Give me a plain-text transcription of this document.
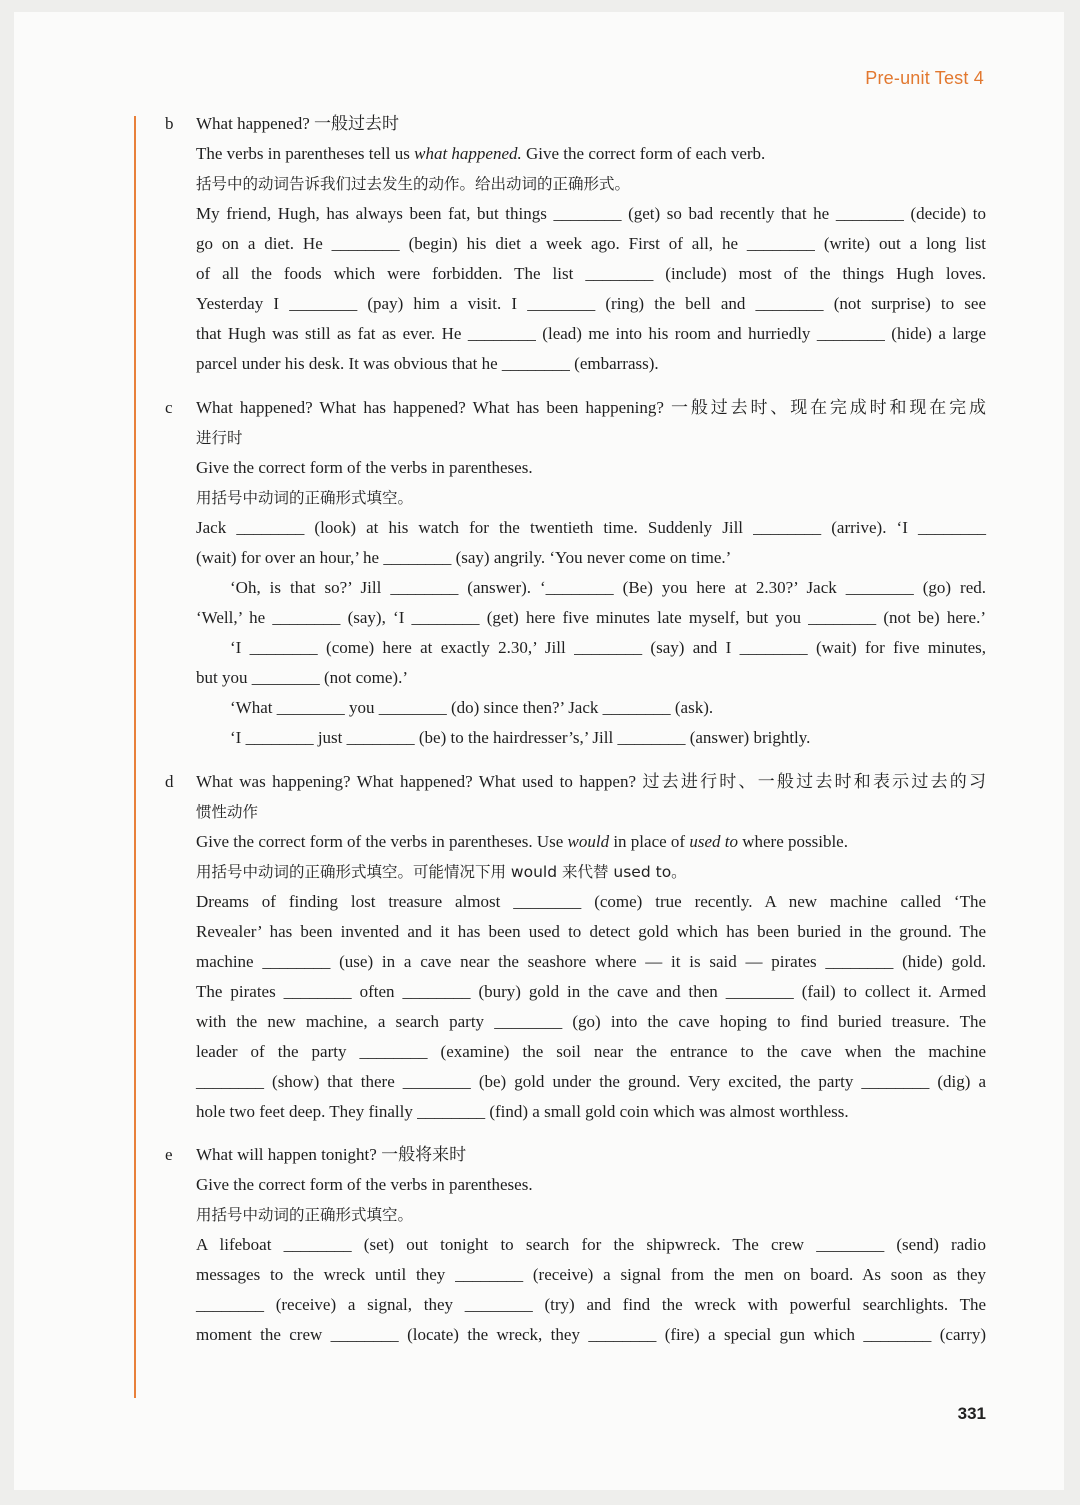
Pre-unit Test 4
b What happened? 一般过去时
The verbs in parentheses tell us what happened. Give the correct form of each verb.
括号中的动词告诉我们过去发生的动作。给出动词的正确形式。
My friend, Hugh, has always been fat, but things ________ (get) so bad recently that he ________ (decide) to
go on a diet. He ________ (begin) his diet a week ago. First of all, he ________ (write) out a long list
of all the foods which were forbidden. The list ________ (include) most of the things Hugh loves.
Yesterday I ________ (pay) him a visit. I ________ (ring) the bell and ________ (not surprise) to see
that Hugh was still as fat as ever. He ________ (lead) me into his room and hurriedly ________ (hide) a large
parcel under his desk. It was obvious that he ________ (embarrass).
c What happened? What has happened? What has been happening? 一般过去时、现在完成时和现在完成
进行时
Give the correct form of the verbs in parentheses.
用括号中动词的正确形式填空。
Jack ________ (look) at his watch for the twentieth time. Suddenly Jill ________ (arrive). ‘I ________
(wait) for over an hour,’ he ________ (say) angrily. ‘You never come on time.’
‘Oh, is that so?’ Jill ________ (answer). ‘________ (Be) you here at 2.30?’ Jack ________ (go) red.
‘Well,’ he ________ (say), ‘I ________ (get) here five minutes late myself, but you ________ (not be) here.’
‘I ________ (come) here at exactly 2.30,’ Jill ________ (say) and I ________ (wait) for five minutes,
but you ________ (not come).’
‘What ________ you ________ (do) since then?’ Jack ________ (ask).
‘I ________ just ________ (be) to the hairdresser’s,’ Jill ________ (answer) brightly.
d What was happening? What happened? What used to happen? 过去进行时、一般过去时和表示过去的习
惯性动作
Give the correct form of the verbs in parentheses. Use would in place of used to where possible.
用括号中动词的正确形式填空。可能情况下用 would 来代替 used to。
Dreams of finding lost treasure almost ________ (come) true recently. A new machine called ‘The
Revealer’ has been invented and it has been used to detect gold which has been buried in the ground. The
machine ________ (use) in a cave near the seashore where — it is said — pirates ________ (hide) gold.
The pirates ________ often ________ (bury) gold in the cave and then ________ (fail) to collect it. Armed
with the new machine, a search party ________ (go) into the cave hoping to find buried treasure. The
leader of the party ________ (examine) the soil near the entrance to the cave when the machine
________ (show) that there ________ (be) gold under the ground. Very excited, the party ________ (dig) a
hole two feet deep. They finally ________ (find) a small gold coin which was almost worthless.
e What will happen tonight? 一般将来时
Give the correct form of the verbs in parentheses.
用括号中动词的正确形式填空。
A lifeboat ________ (set) out tonight to search for the shipwreck. The crew ________ (send) radio
messages to the wreck until they ________ (receive) a signal from the men on board. As soon as they
________ (receive) a signal, they ________ (try) and find the wreck with powerful searchlights. The
moment the crew ________ (locate) the wreck, they ________ (fire) a special gun which ________ (carry)
331
